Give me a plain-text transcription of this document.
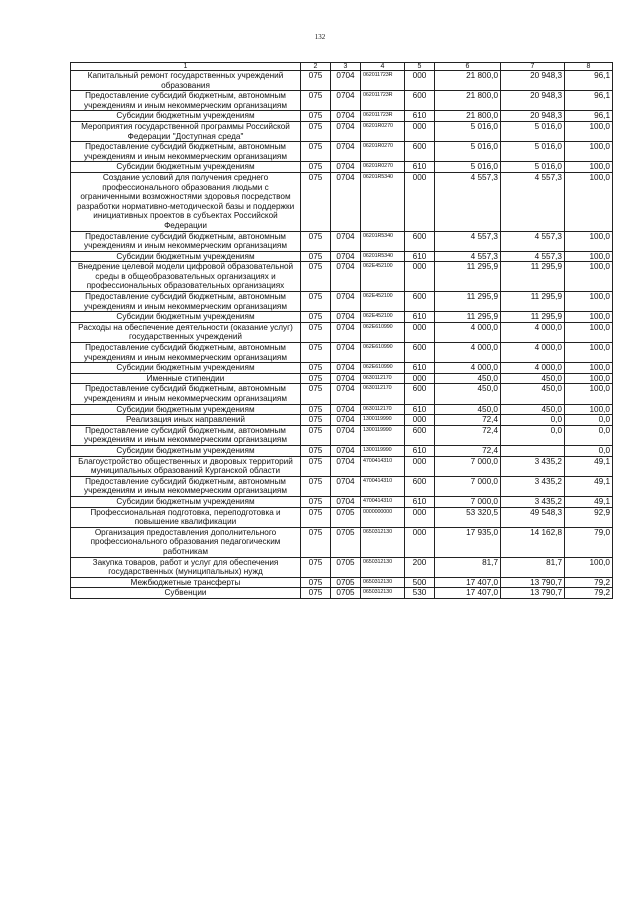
132
1	2	3	4	5	6	7	8
Капитальный ремонт государственных учреждений образования	075	0704	062011723R	000	21 800,0	20 948,3	96,1
Предоставление субсидий бюджетным, автономным учреждениям и иным некоммерческим организациям	075	0704	062011723R	600	21 800,0	20 948,3	96,1
Субсидии бюджетным учреждениям	075	0704	062011723R	610	21 800,0	20 948,3	96,1
Мероприятия государственной программы Российской Федерации "Доступная среда"	075	0704	06201R0270	000	5 016,0	5 016,0	100,0
Предоставление субсидий бюджетным, автономным учреждениям и иным некоммерческим организациям	075	0704	06201R0270	600	5 016,0	5 016,0	100,0
Субсидии бюджетным учреждениям	075	0704	06201R0270	610	5 016,0	5 016,0	100,0
Создание условий для получения среднего профессионального образования людьми с ограниченными возможностями здоровья посредством разработки нормативно-методической базы и поддержки инициативных проектов в субъектах Российской Федерации	075	0704	06201R5340	000	4 557,3	4 557,3	100,0
Предоставление субсидий бюджетным, автономным учреждениям и иным некоммерческим организациям	075	0704	06201R5340	600	4 557,3	4 557,3	100,0
Субсидии бюджетным учреждениям	075	0704	06201R5340	610	4 557,3	4 557,3	100,0
Внедрение целевой модели цифровой образовательной среды в общеобразовательных организациях и профессиональных образовательных организациях	075	0704	062E452100	000	11 295,9	11 295,9	100,0
Предоставление субсидий бюджетным, автономным учреждениям и иным некоммерческим организациям	075	0704	062E452100	600	11 295,9	11 295,9	100,0
Субсидии бюджетным учреждениям	075	0704	062E452100	610	11 295,9	11 295,9	100,0
Расходы на обеспечение деятельности (оказание услуг) государственных учреждений	075	0704	062E610990	000	4 000,0	4 000,0	100,0
Предоставление субсидий бюджетным, автономным учреждениям и иным некоммерческим организациям	075	0704	062E610990	600	4 000,0	4 000,0	100,0
Субсидии бюджетным учреждениям	075	0704	062E610990	610	4 000,0	4 000,0	100,0
Именные стипендии	075	0704	0630112170	000	450,0	450,0	100,0
Предоставление субсидий бюджетным, автономным учреждениям и иным некоммерческим организациям	075	0704	0630112170	600	450,0	450,0	100,0
Субсидии бюджетным учреждениям	075	0704	0630112170	610	450,0	450,0	100,0
Реализация иных направлений	075	0704	1300119990	000	72,4	0,0	0,0
Предоставление субсидий бюджетным, автономным учреждениям и иным некоммерческим организациям	075	0704	1300119990	600	72,4	0,0	0,0
Субсидии бюджетным учреждениям	075	0704	1300119990	610	72,4		0,0
Благоустройство общественных и дворовых территорий муниципальных образований Курганской области	075	0704	4700414310	000	7 000,0	3 435,2	49,1
Предоставление субсидий бюджетным, автономным учреждениям и иным некоммерческим организациям	075	0704	4700414310	600	7 000,0	3 435,2	49,1
Субсидии бюджетным учреждениям	075	0704	4700414310	610	7 000,0	3 435,2	49,1
Профессиональная подготовка, переподготовка и повышение квалификации	075	0705	0000000000	000	53 320,5	49 548,3	92,9
Организация предоставления дополнительного профессионального образования педагогическим работникам	075	0705	0650312130	000	17 935,0	14 162,8	79,0
Закупка товаров, работ и услуг для обеспечения государственных (муниципальных) нужд	075	0705	0650312130	200	81,7	81,7	100,0
Межбюджетные трансферты	075	0705	0650312130	500	17 407,0	13 790,7	79,2
Субвенции	075	0705	0650312130	530	17 407,0	13 790,7	79,2
